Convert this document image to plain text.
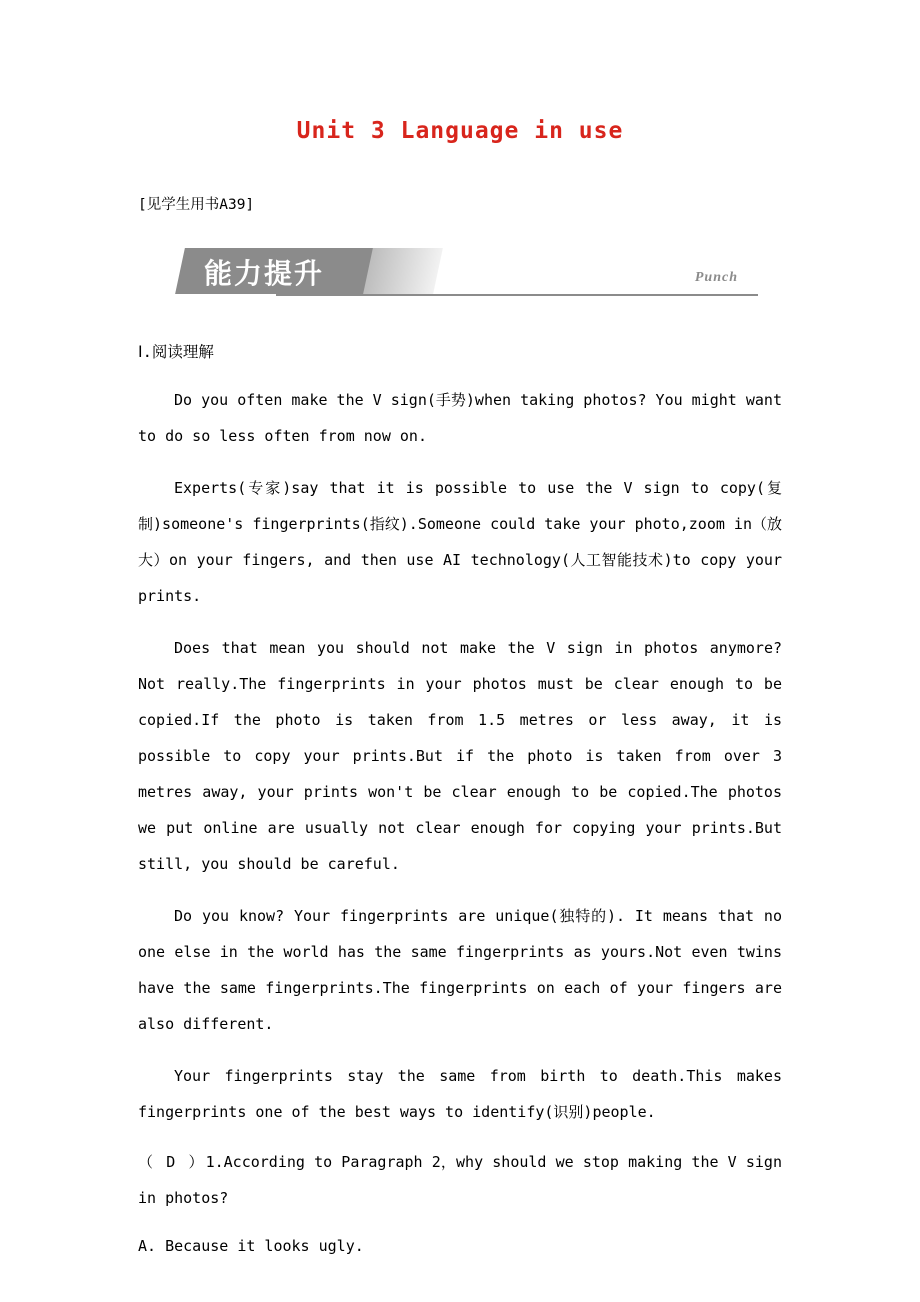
Unit 3 Language in use
[见学生用书A39]
能力提升	Punch
Ⅰ.阅读理解

Do you often make the V sign(手势)when taking photos? You might want to do so less often from now on.

Experts(专家)say that it is possible to use the V sign to copy(复制)someone's fingerprints(指纹).Someone could take your photo,zoom in（放大）on your fingers, and then use AI technology(人工智能技术)to copy your prints.

Does that mean you should not make the V sign in photos anymore? Not really.The fingerprints in your photos must be clear enough to be copied.If the photo is taken from 1.5 metres or less away, it is possible to copy your prints.But if the photo is taken from over 3 metres away, your prints won't be clear enough to be copied.The photos we put online are usually not clear enough for copying your prints.But still, you should be careful.

Do you know? Your fingerprints are unique(独特的). It means that no one else in the world has the same fingerprints as yours.Not even twins have the same fingerprints.The fingerprints on each of your fingers are also different.

Your fingerprints stay the same from birth to death.This makes fingerprints one of the best ways to identify(识别)people.

（ D ）1.According to Paragraph 2，why should we stop making the V sign in photos?

A. Because it looks ugly.
